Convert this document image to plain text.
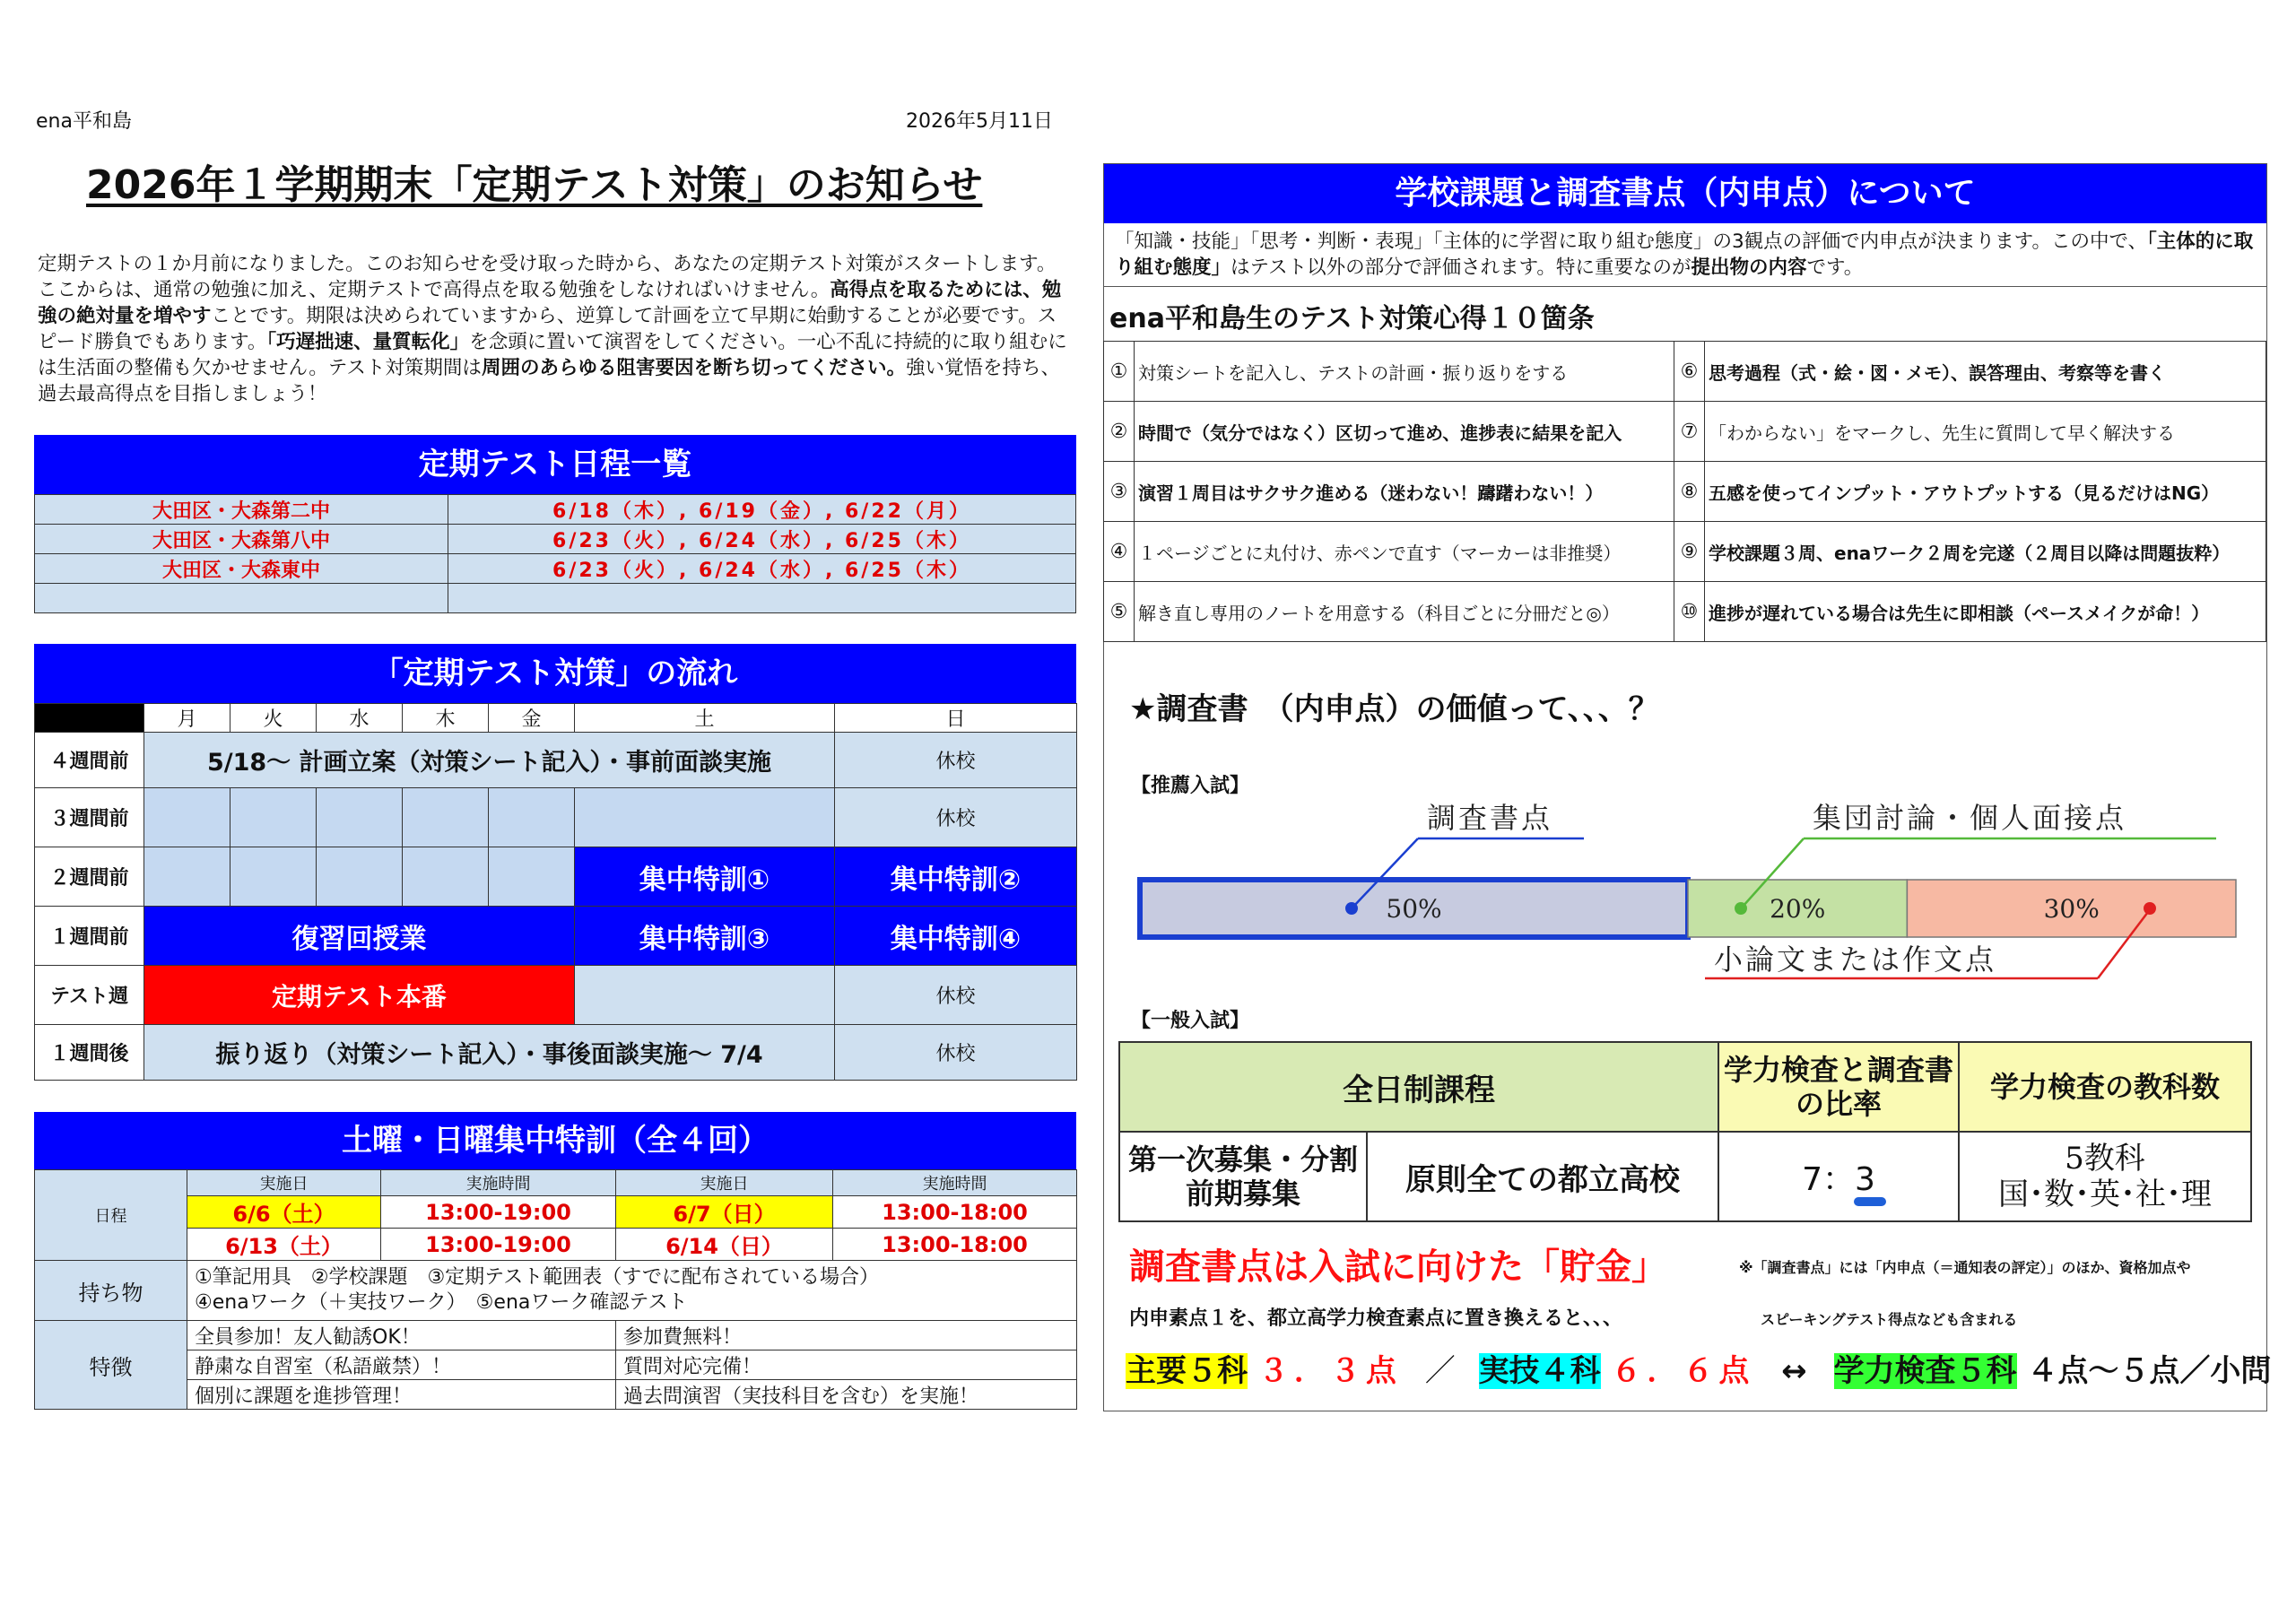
ena平和島	2026年5月11日
2026年１学期期末「定期テスト対策」のお知らせ
定期テストの１か月前になりました。このお知らせを受け取った時から、あなたの定期テスト対策がスタートします。ここからは、通常の勉強に加え、定期テストで高得点を取る勉強をしなければいけません。高得点を取るためには、勉強の絶対量を増やすことです。期限は決められていますから、逆算して計画を立て早期に始動することが必要です。スピード勝負でもあります。「巧遅拙速、量質転化」を念頭に置いて演習をしてください。一心不乱に持続的に取り組むには生活面の整備も欠かせません。テスト対策期間は周囲のあらゆる阻害要因を断ち切ってください。強い覚悟を持ち、過去最高得点を目指しましょう！
定期テスト日程一覧
大田区・大森第二中	6/18（木）, 6/19（金）, 6/22（月）
大田区・大森第八中	6/23（火）, 6/24（水）, 6/25（木）
大田区・大森東中	6/23（火）, 6/24（水）, 6/25（木）

「定期テスト対策」の流れ
	月	火	水	木	金	土	日
４週間前	5/18～ 計画立案（対策シート記入）・事前面談実施						休校
３週間前							休校
２週間前						集中特訓①	集中特訓②
１週間前	復習回授業					集中特訓③	集中特訓④
テスト週	定期テスト本番						休校
１週間後	振り返り（対策シート記入）・事後面談実施～ 7/4						休校
土曜・日曜集中特訓（全４回）
日程	実施日	実施時間	実施日	実施時間
	6/6（土）	13:00-19:00	6/7（日）	13:00-18:00
	6/13（土）	13:00-19:00	6/14（日）	13:00-18:00
持ち物	①筆記用具　②学校課題　③定期テスト範囲表（すでに配布されている場合）
④enaワーク（＋実技ワーク）　⑤enaワーク確認テスト			

特徴	全員参加！友人勧誘OK！		参加費無料！	
	静粛な自習室（私語厳禁）！		質問対応完備！	
	個別に課題を進捗管理！		過去問演習（実技科目を含む）を実施！	
学校課題と調査書点（内申点）について
「知識・技能」「思考・判断・表現」「主体的に学習に取り組む態度」の3観点の評価で内申点が決まります。この中で、「主体的に取り組む態度」はテスト以外の部分で評価されます。特に重要なのが提出物の内容です。
ena平和島生のテスト対策心得１０箇条
①	対策シートを記入し、テストの計画・振り返りをする	⑥	思考過程（式・絵・図・メモ）、誤答理由、考察等を書く
②	時間で（気分ではなく）区切って進め、進捗表に結果を記入	⑦	「わからない」をマークし、先生に質問して早く解決する
③	演習１周目はサクサク進める（迷わない！躊躇わない！）	⑧	五感を使ってインプット・アウトプットする（見るだけはNG）
④	１ページごとに丸付け、赤ペンで直す（マーカーは非推奨）	⑨	学校課題３周、enaワーク２周を完遂（２周目以降は問題抜粋）
⑤	解き直し専用のノートを用意する（科目ごとに分冊だと◎）	⑩	進捗が遅れている場合は先生に即相談（ペースメイクが命！）
★調査書　（内申点）の価値って、、、？
【推薦入試】
50%	20%	30%
調査書点	集団討論・個人面接点
小論文または作文点
【一般入試】
全日制課程		学力検査と調査書の比率	学力検査の教科数
第一次募集・分割前期募集	原則全ての都立高校	7：3	5教科
国･数･英･社･理
調査書点は入試に向けた「貯金」	※「調査書点」には「内申点（＝通知表の評定）」のほか、資格加点や
内申素点１を、都立高学力検査素点に置き換えると、、、	スピーキングテスト得点なども含まれる
主要５科 ３．３点 ／ 実技４科 ６．６点 ↔ 学力検査５科 ４点～５点／小問
